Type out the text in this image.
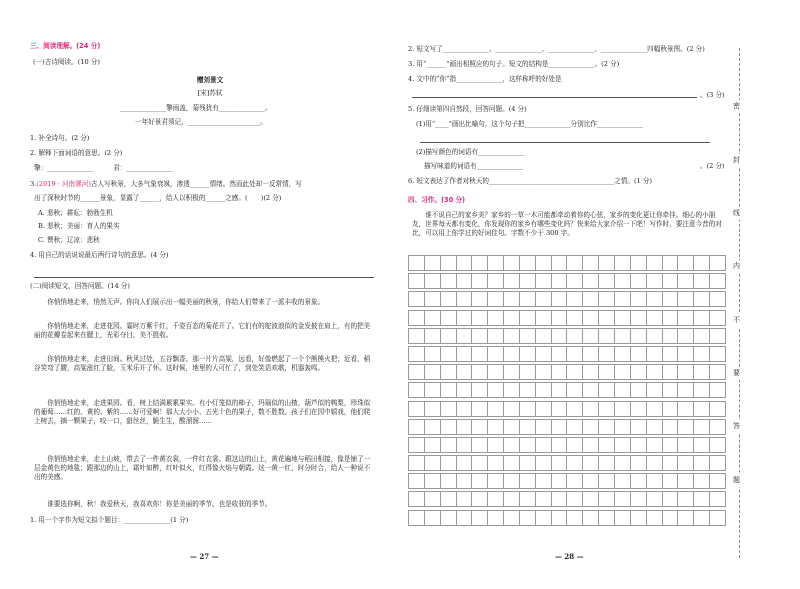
三、阅读理解。(24 分)
(一)古诗阅读。(10 分)
赠刘景文
[宋]苏轼
______________擎雨盖，菊残犹有______________。
一年好景君须记，______________________。
1. 补全诗句。(2 分)
2. 解释下面词语的意思。(2 分)
擎：______________　　　君：______________
3.(2019 · 河南漯河)古人写秋景，大多气象衰飒，渗透______情绪。然而此处却一反常情，写
出了深秋时节的______景象，显露了______，给人以积极的______之感。(　　)(2 分)
A. 悲秋；耕耘：勃勃生机
B. 悲秋；美丽：育人的果实
C. 赞秋；辽凉：悲秋
4. 用自己的话说说最后两行诗句的意思。(4 分)
(二)阅读短文，回答问题。(14 分)
你悄悄地走来，悄然无声。你向人们展示出一幅美丽的秋景，你给人们带来了一派丰收的景象。
你悄悄地走来，走进花园。霎时万紫千红，千姿百态的菊花开了。它们有的舵波浪似的金发披在肩上，有的把美丽的花瓣卷起来在腮上，光彩夺目，美不胜收。
你悄悄地走来，走进田间。秋风过处，五谷飘香。那一片片高粱，远看，好像燃起了一个个熊熊火把；近看，稻谷笑弯了腰，高粱涨红了脸，玉米乐开了怀。这时候，地里的人可忙了，到处笑语欢歌，机器轰鸣。
你悄悄地走来，走进果园。看，树上结满累累果实。有小灯笼似的柿子，玛瑙似的山楂，葫芦似的鸭梨，珍珠似的葡萄……红的、黄的、紫的……好可爱啊！那大大小小、五光十色的果子，数不胜数。孩子们在园中嬉戏，他们爬上树去，摘一颗果子，咬一口，甜丝丝，脆生生，酸溜溜……
你悄悄地走来，走上山坡，带去了一件黄衣裳，一件红衣裳。跟这边的山上，黄花遍地与稻田相接，像是铺了一层金黄色的地毯；跟那边的山上，霜叶如醉，红叶似火，红得像火焰与朝霞。这一黄一红，时分时合，给人一种说不出的美感。
谁要选你啊，秋！我爱秋天，我喜欢你！你是美丽的季节，也是收获的季节。
1. 用一个字作为短文拟个题目：______________(1 分)
— 27 —
2. 短文写了______________、______________、______________、______________四幅秋景图。(2 分)
3. 用“______”画出相照应的句子。短文的结构是______________。(2 分)
4. 文中的“你”指______________，这样称呼的好处是
。(3 分)
5. 仔细读第四自然段，回答问题。(4 分)
(1)用“____”画出比喻句，这个句子把______________分别比作______________
(2)描写颜色的词语有______________
描写味道的词语有______________	。(2 分)
6. 短文表达了作者对秋天的______________________________________之情。(1 分)
四、习作。(30 分)
谁不说自己的家乡美？家乡的一草一木可能都牵动着你的心弦，家乡的变化更让你牵挂。细心的小朋友，世界每天都有变化，你发现你的家乡有哪些变化吗？快来给大家介绍一下吧！写作时，要注意今昔的对比，可以用上你学过的好词佳句。字数不少于 300 字。

— 28 —
密
封
线
内
不
要
答
题
